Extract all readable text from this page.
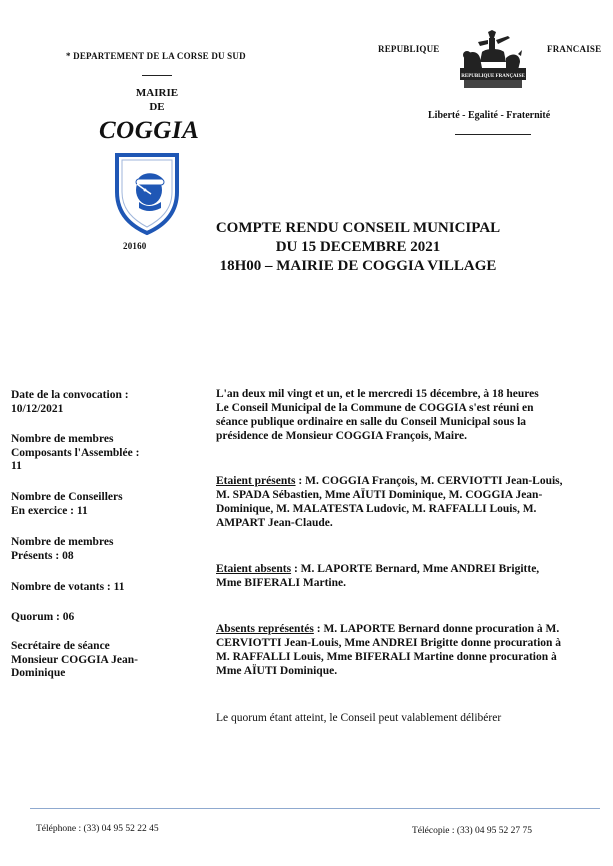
* DEPARTEMENT DE LA CORSE DU SUD
MAIRIE
DE
COGGIA
20160
REPUBLIQUE	FRANCAISE
REPUBLIQUE FRANÇAISE
Liberté - Egalité - Fraternité
COMPTE RENDU CONSEIL MUNICIPAL
DU 15 DECEMBRE 2021
18H00 – MAIRIE DE COGGIA VILLAGE

Date de la convocation :

10/12/2021

Nombre de membres

Composants l'Assemblée :

11

Nombre de Conseillers

En exercice : 11

Nombre de membres

Présents : 08

Nombre de votants : 11
Quorum : 06

Secrétaire de séance

Monsieur COGGIA Jean-

Dominique

L'an deux mil vingt et un, et le mercredi 15 décembre, à 18 heures
Le Conseil Municipal de la Commune de COGGIA s'est réuni en
séance publique ordinaire en salle du Conseil Municipal sous la
présidence de Monsieur COGGIA François, Maire.
Etaient présents : M. COGGIA François, M. CERVIOTTI Jean-Louis,
M. SPADA Sébastien, Mme AÏUTI Dominique, M. COGGIA Jean-
Dominique, M. MALATESTA Ludovic, M. RAFFALLI Louis, M.
AMPART Jean-Claude.
Etaient absents : M. LAPORTE Bernard, Mme ANDREI Brigitte,
Mme BIFERALI Martine.
Absents représentés : M. LAPORTE Bernard donne procuration à M.
CERVIOTTI Jean-Louis, Mme ANDREI Brigitte donne procuration à
M. RAFFALLI Louis, Mme BIFERALI Martine donne procuration à
Mme AÏUTI Dominique.
Le quorum étant atteint, le Conseil peut valablement délibérer
Téléphone : (33) 04 95 52 22 45	Télécopie : (33) 04 95 52 27 75
